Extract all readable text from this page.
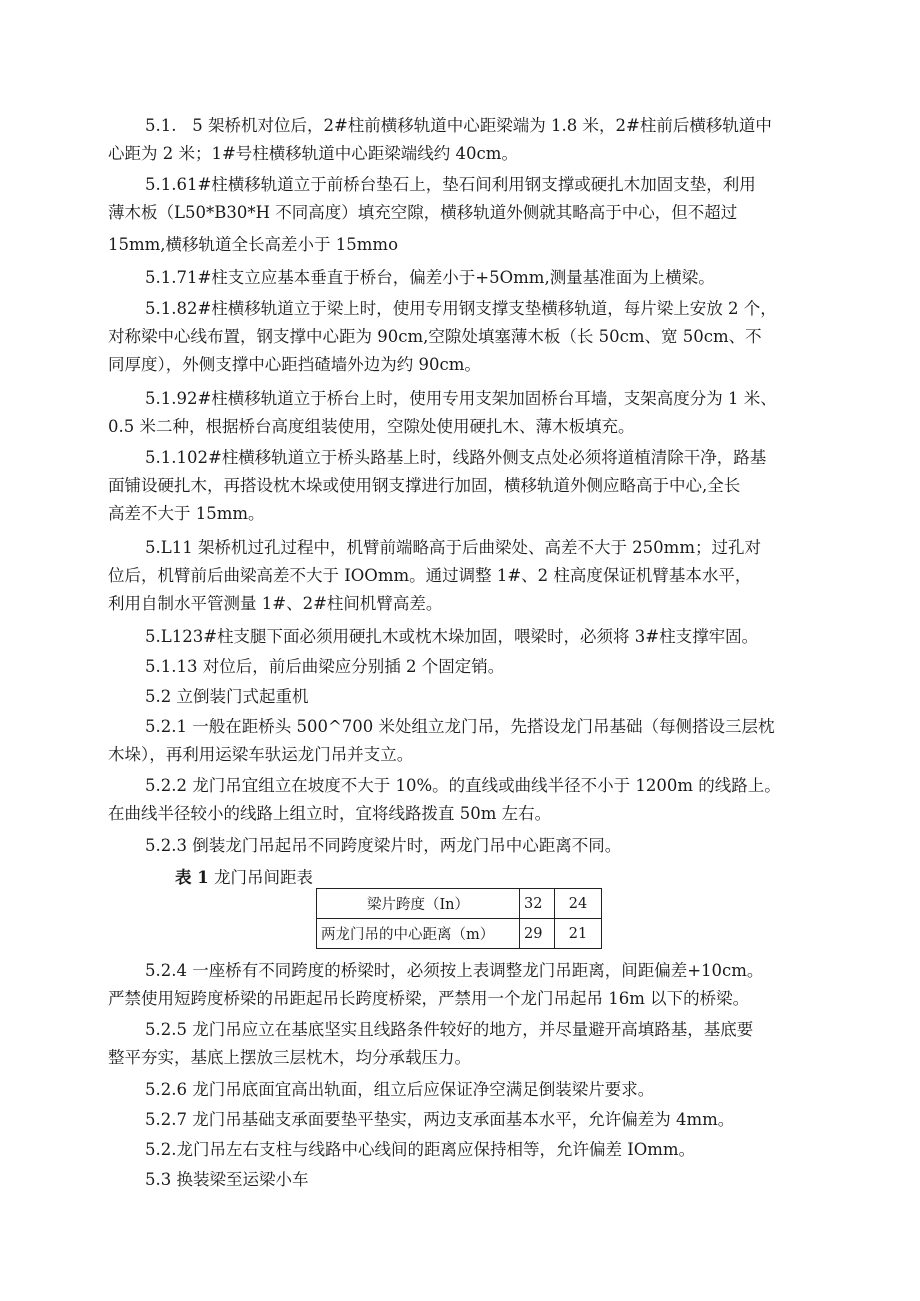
5.1.   5 架桥机对位后，2#柱前横移轨道中心距梁端为 1.8 米，2#柱前后横移轨道中
心距为 2 米；1#号柱横移轨道中心距梁端线约 40cm。
5.1.61#柱横移轨道立于前桥台垫石上，垫石间利用钢支撑或硬扎木加固支垫，利用
薄木板（L50*B30*H 不同高度）填充空隙，横移轨道外侧就其略高于中心，但不超过
15mm,横移轨道全长高差小于 15mmo
5.1.71#柱支立应基本垂直于桥台，偏差小于+5Omm,测量基准面为上横梁。
5.1.82#柱横移轨道立于梁上时，使用专用钢支撑支垫横移轨道，每片梁上安放 2 个，
对称梁中心线布置，钢支撑中心距为 90cm,空隙处填塞薄木板（长 50cm、宽 50cm、不
同厚度），外侧支撑中心距挡碴墙外边为约 90cm。
5.1.92#柱横移轨道立于桥台上时，使用专用支架加固桥台耳墙，支架高度分为 1 米、
0.5 米二种，根据桥台高度组装使用，空隙处使用硬扎木、薄木板填充。
5.1.102#柱横移轨道立于桥头路基上时，线路外侧支点处必须将道植清除干净，路基
面铺设硬扎木，再搭设枕木垛或使用钢支撑进行加固，横移轨道外侧应略高于中心,全长
高差不大于 15mm。
5.L11 架桥机过孔过程中，机臂前端略高于后曲梁处、高差不大于 250mm；过孔对
位后，机臂前后曲梁高差不大于 IOOmm。通过调整 1#、2 柱高度保证机臂基本水平，
利用自制水平管测量 1#、2#柱间机臂高差。
5.L123#柱支腿下面必须用硬扎木或枕木垛加固，喂梁时，必须将 3#柱支撑牢固。
5.1.13 对位后，前后曲梁应分别插 2 个固定销。
5.2 立倒装门式起重机
5.2.1 一般在距桥头 500^700 米处组立龙门吊，先搭设龙门吊基础（每侧搭设三层枕
木垛），再利用运梁车驮运龙门吊并支立。
5.2.2 龙门吊宜组立在坡度不大于 10%。的直线或曲线半径不小于 1200m 的线路上。
在曲线半径较小的线路上组立时，宜将线路拨直 50m 左右。
5.2.3 倒装龙门吊起吊不同跨度梁片时，两龙门吊中心距离不同。
表 1 龙门吊间距表
梁片跨度（In）	32	24
两龙门吊的中心距离（m）	29	21
5.2.4 一座桥有不同跨度的桥梁时，必须按上表调整龙门吊距离，间距偏差+10cm。
严禁使用短跨度桥梁的吊距起吊长跨度桥梁，严禁用一个龙门吊起吊 16m 以下的桥梁。
5.2.5 龙门吊应立在基底坚实且线路条件较好的地方，并尽量避开高填路基，基底要
整平夯实，基底上摆放三层枕木，均分承载压力。
5.2.6 龙门吊底面宜高出轨面，组立后应保证净空满足倒装梁片要求。
5.2.7 龙门吊基础支承面要垫平垫实，两边支承面基本水平，允许偏差为 4mm。
5.2.龙门吊左右支柱与线路中心线间的距离应保持相等，允许偏差 IOmm。
5.3 换装梁至运梁小车
